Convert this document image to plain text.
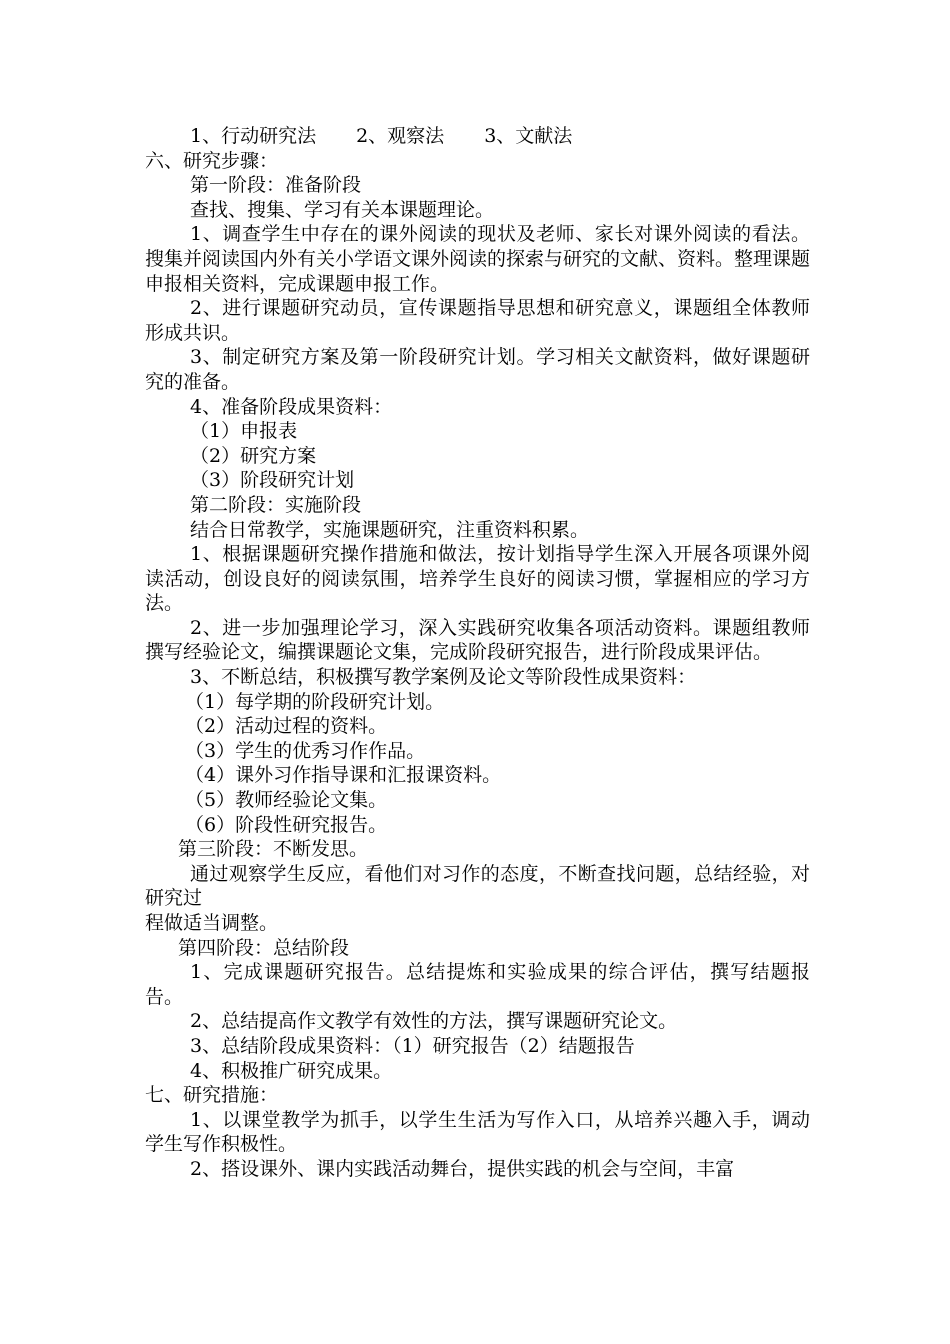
1、行动研究法 2、观察法 3、文献法

六、研究步骤：

第一阶段：准备阶段

查找、搜集、学习有关本课题理论。

1、调查学生中存在的课外阅读的现状及老师、家长对课外阅读的看法。搜集并阅读国内外有关小学语文课外阅读的探索与研究的文献、资料。整理课题申报相关资料，完成课题申报工作。

2、进行课题研究动员，宣传课题指导思想和研究意义，课题组全体教师形成共识。

3、制定研究方案及第一阶段研究计划。学习相关文献资料，做好课题研究的准备。

4、准备阶段成果资料：

（1）申报表

（2）研究方案

（3）阶段研究计划

第二阶段：实施阶段

结合日常教学，实施课题研究，注重资料积累。

1、根据课题研究操作措施和做法，按计划指导学生深入开展各项课外阅读活动，创设良好的阅读氛围，培养学生良好的阅读习惯，掌握相应的学习方法。

2、进一步加强理论学习，深入实践研究收集各项活动资料。课题组教师撰写经验论文，编撰课题论文集，完成阶段研究报告，进行阶段成果评估。

3、不断总结，积极撰写教学案例及论文等阶段性成果资料：

（1）每学期的阶段研究计划。

（2）活动过程的资料。

（3）学生的优秀习作作品。

（4）课外习作指导课和汇报课资料。

（5）教师经验论文集。

（6）阶段性研究报告。

第三阶段：不断发思。

通过观察学生反应，看他们对习作的态度，不断查找问题，总结经验，对研究过

程做适当调整。

第四阶段：总结阶段

1、完成课题研究报告。总结提炼和实验成果的综合评估，撰写结题报告。

2、总结提高作文教学有效性的方法，撰写课题研究论文。

3、总结阶段成果资料：（1）研究报告（2）结题报告

4、积极推广研究成果。

七、研究措施：

1、以课堂教学为抓手，以学生生活为写作入口，从培养兴趣入手，调动学生写作积极性。

2、搭设课外、课内实践活动舞台，提供实践的机会与空间，丰富
